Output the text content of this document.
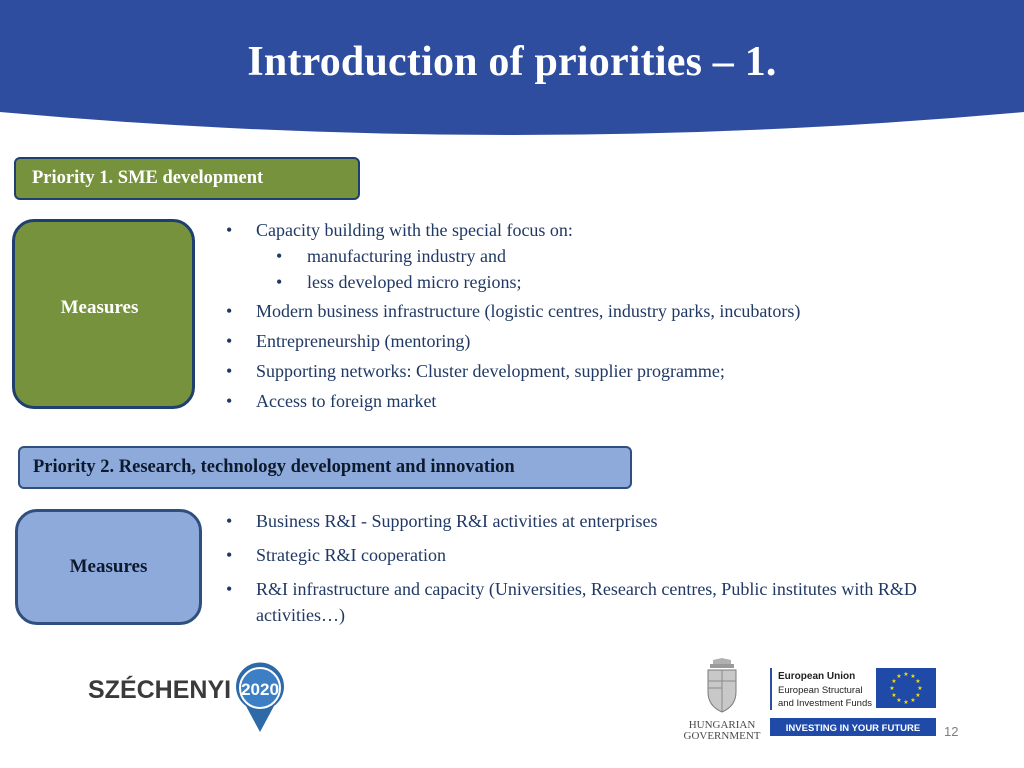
Introduction of priorities – 1.
Priority 1. SME development
Measures
• Capacity building with the special focus on:
• manufacturing industry and
• less developed micro regions;
• Modern business infrastructure (logistic centres, industry parks, incubators)
• Entrepreneurship (mentoring)
• Supporting networks: Cluster development, supplier programme;
• Access to foreign market
Priority 2. Research, technology development and innovation
Measures
• Business R&I - Supporting R&I activities at enterprises
• Strategic R&I cooperation
• R&I infrastructure and capacity (Universities, Research centres, Public institutes with R&D activities…)
SZÉCHENYI 2020
HUNGARIAN
GOVERNMENT
European Union
European Structural
and Investment Funds
★ ★
★
★
★
★
★
★
★
★
★
★
INVESTING IN YOUR FUTURE 12
